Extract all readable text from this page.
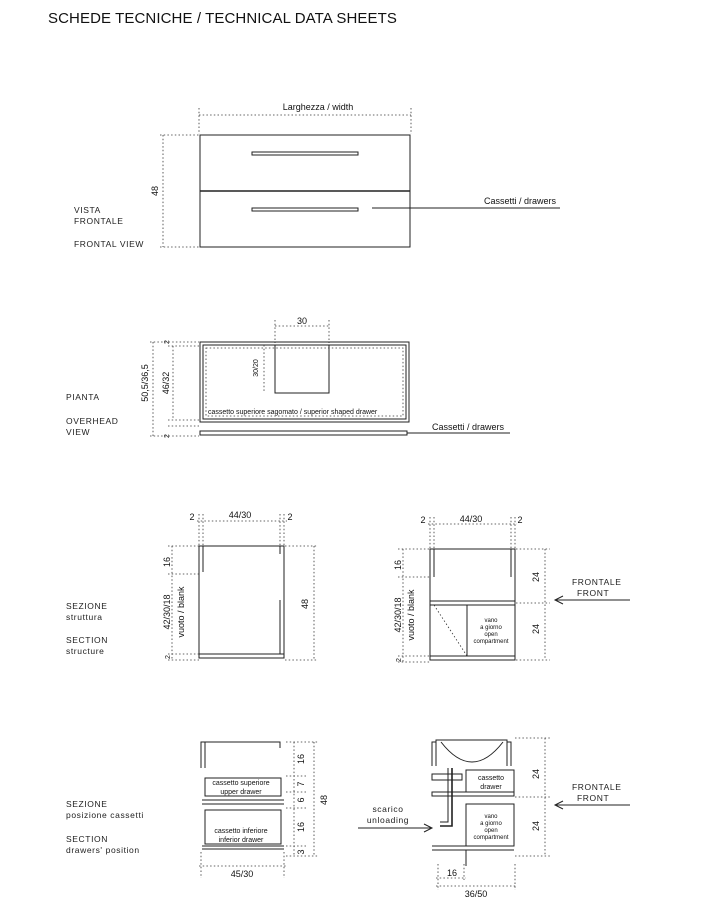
SCHEDE TECNICHE / TECHNICAL DATA SHEETS
Larghezza / width
48
Cassetti / drawers
VISTA
FRONTALE
FRONTAL VIEW
30
30/20
cassetto superiore sagomato / superior shaped drawer
Cassetti / drawers
50,5/36,5 46/32
2
2
PIANTA
OVERHEAD
VIEW
44/30
2	2
16
42/30/18 vuoto / blank
2
48
44/30
2	2
vano
a giorno
open
compartment
16
42/30/18 vuoto / blank
2
24
24
FRONTALE
FRONT
SEZIONE
struttura
SECTION
structure
cassetto superiore
upper drawer
cassetto inferiore
inferior drawer
16
7
6
16
3
48
45/30
cassetto
drawer
vano
a giorno
open
compartment
24
24
16
36/50
scarico
unloading
FRONTALE
FRONT
SEZIONE
posizione cassetti
SECTION
drawers' position
